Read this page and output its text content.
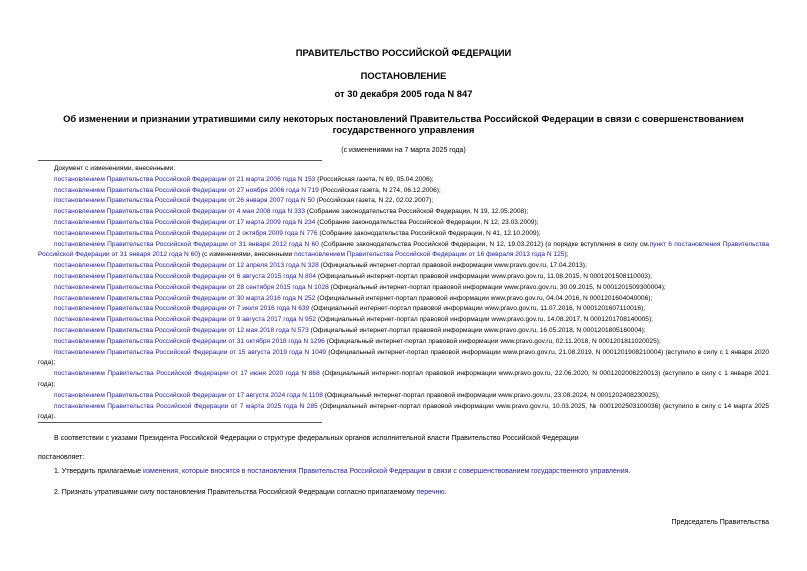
ПРАВИТЕЛЬСТВО РОССИЙСКОЙ ФЕДЕРАЦИИ
ПОСТАНОВЛЕНИЕ
от 30 декабря 2005 года N 847
Об изменении и признании утратившими силу некоторых постановлений Правительства Российской Федерации в связи с совершенствованием государственного управления
(с изменениями на 7 марта 2025 года)
Документ с изменениями, внесенными:
постановлением Правительства Российской Федерации от 21 марта 2006 года N 153 (Российская газета, N 69, 05.04.2006);
постановлением Правительства Российской Федерации от 27 ноября 2006 года N 719 (Российская газета, N 274, 06.12.2006);
постановлением Правительства Российской Федерации от 26 января 2007 года N 50 (Российская газета, N 22, 02.02.2007);
постановлением Правительства Российской Федерации от 4 мая 2008 года N 333 (Собрание законодательства Российской Федерации, N 19, 12.05.2008);
постановлением Правительства Российской Федерации от 17 марта 2009 года N 234 (Собрание законодательства Российской Федерации, N 12, 23.03.2009);
постановлением Правительства Российской Федерации от 2 октября 2009 года N 776 (Собрание законодательства Российской Федерации, N 41, 12.10.2009);
постановлением Правительства Российской Федерации от 31 января 2012 года N 60 (Собрание законодательства Российской Федерации, N 12, 19.03.2012) (о порядке вступления в силу см.пункт 6 постановления Правительства Российской Федерации от 31 января 2012 года N 60) (с изменениями, внесенными постановлением Правительства Российской Федерации от 16 февраля 2013 года N 125);
постановлением Правительства Российской Федерации от 12 апреля 2013 года N 328 (Официальный интернет-портал правовой информации www.pravo.gov.ru, 17.04.2013);
постановлением Правительства Российской Федерации от 6 августа 2015 года N 804 (Официальный интернет-портал правовой информации www.pravo.gov.ru, 11.08.2015, N 0001201508110003);
постановлением Правительства Российской Федерации от 28 сентября 2015 года N 1028 (Официальный интернет-портал правовой информации www.pravo.gov.ru, 30.09.2015, N 0001201509300004);
постановлением Правительства Российской Федерации от 30 марта 2016 года N 252 (Официальный интернет-портал правовой информации www.pravo.gov.ru, 04.04.2016, N 0001201604040006);
постановлением Правительства Российской Федерации от 7 июля 2016 года N 639 (Официальный интернет-портал правовой информации www.pravo.gov.ru, 11.07.2016, N 0001201607110016);
постановлением Правительства Российской Федерации от 9 августа 2017 года N 952 (Официальный интернет-портал правовой информации www.pravo.gov.ru, 14.08.2017, N 0001201708140005);
постановлением Правительства Российской Федерации от 12 мая 2018 года N 573 (Официальный интернет-портал правовой информации www.pravo.gov.ru, 16.05.2018, N 0001201805160004);
постановлением Правительства Российской Федерации от 31 октября 2018 года N 1296 (Официальный интернет-портал правовой информации www.pravo.gov.ru, 02.11.2018, N 0001201811020025);
постановлением Правительства Российской Федерации от 15 августа 2019 года N 1049 (Официальный интернет-портал правовой информации www.pravo.gov.ru, 21.08.2019, N 0001201908210004) (вступило в силу с 1 января 2020 года);
постановлением Правительства Российской Федерации от 17 июня 2020 года N 868 (Официальный интернет-портал правовой информации www.pravo.gov.ru, 22.06.2020, N 0001202006220013) (вступило в силу с 1 января 2021 года);
постановлением Правительства Российской Федерации от 17 августа 2024 года N 1108 (Официальный интернет-портал правовой информации www.pravo.gov.ru, 23.08.2024, N 0001202408230025);
постановлением Правительства Российской Федерации от 7 марта 2025 года N 285 (Официальный интернет-портал правовой информации www.pravo.gov.ru, 10.03.2025, № 0001202503100036) (вступило в силу с 14 марта 2025 года).
В соответствии с указами Президента Российской Федерации о структуре федеральных органов исполнительной власти Правительство Российской Федерации
постановляет:
1. Утвердить прилагаемые изменения, которые вносятся в постановления Правительства Российской Федерации в связи с совершенствованием государственного управления.
2. Признать утратившими силу постановления Правительства Российской Федерации согласно прилагаемому перечню.
Председатель Правительства
